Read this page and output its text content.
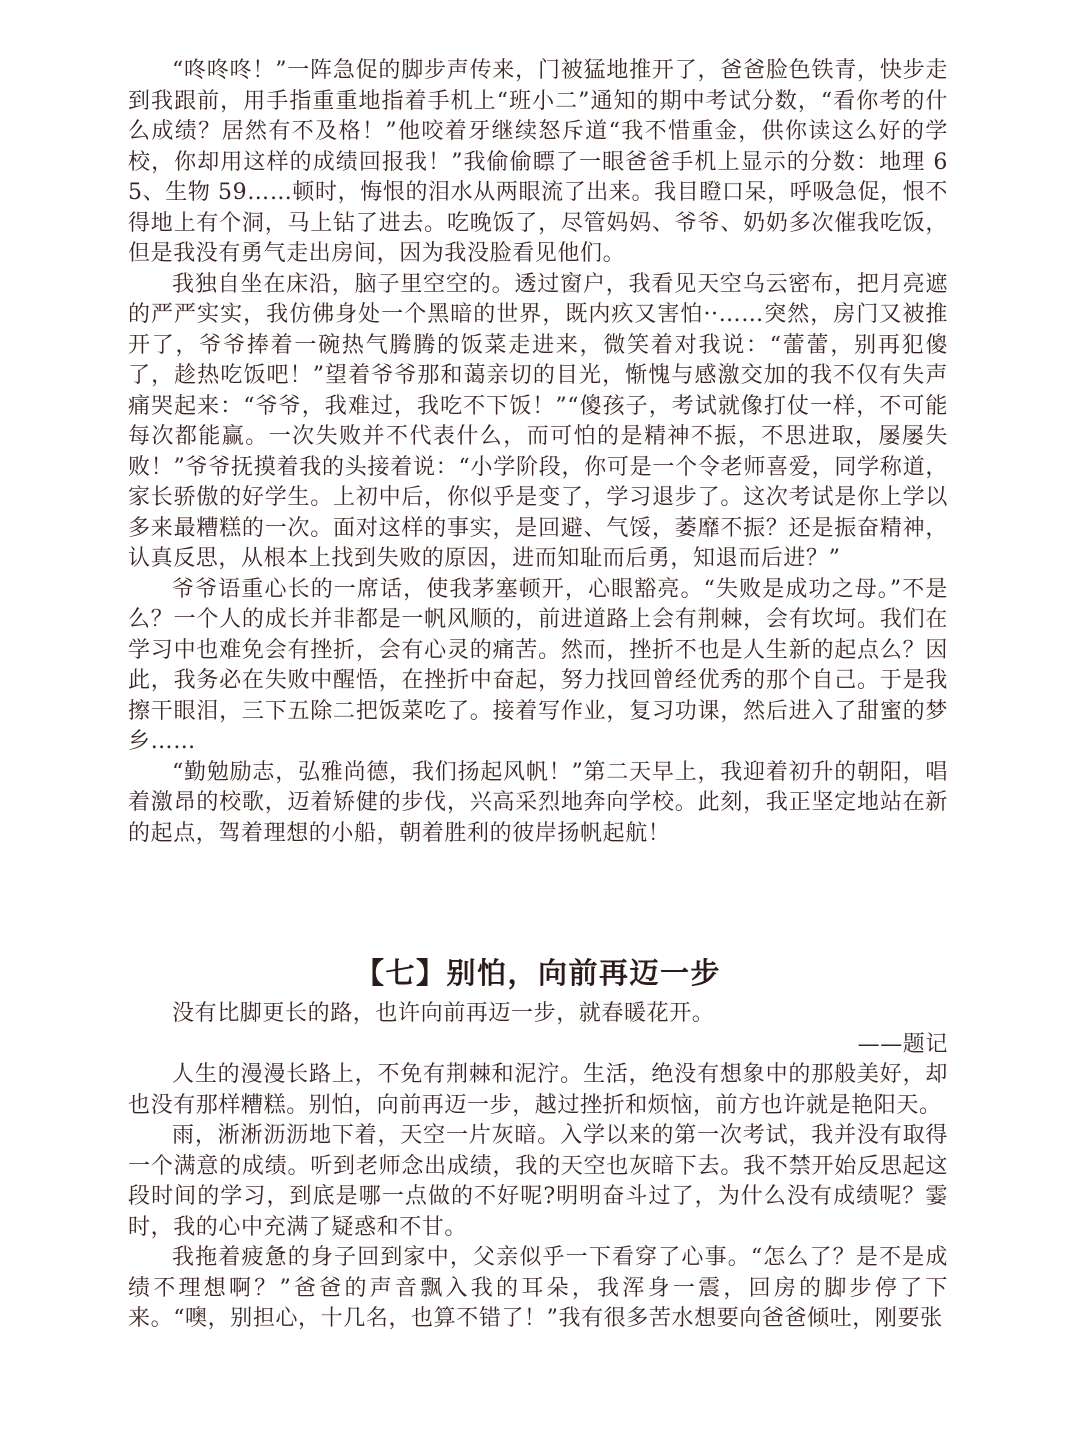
“咚咚咚！”一阵急促的脚步声传来，门被猛地推开了，爸爸脸色铁青，快步走到我跟前，用手指重重地指着手机上“班小二”通知的期中考试分数，“看你考的什么成绩？居然有不及格！”他咬着牙继续怒斥道“我不惜重金，供你读这么好的学校，你却用这样的成绩回报我！”我偷偷瞟了一眼爸爸手机上显示的分数：地理 65、生物 59……顿时，悔恨的泪水从两眼流了出来。我目瞪口呆，呼吸急促，恨不得地上有个洞，马上钻了进去。吃晚饭了，尽管妈妈、爷爷、奶奶多次催我吃饭，但是我没有勇气走出房间，因为我没脸看见他们。

我独自坐在床沿，脑子里空空的。透过窗户，我看见天空乌云密布，把月亮遮的严严实实，我仿佛身处一个黑暗的世界，既内疚又害怕··……突然，房门又被推开了，爷爷捧着一碗热气腾腾的饭菜走进来，微笑着对我说：“蕾蕾，别再犯傻了，趁热吃饭吧！”望着爷爷那和蔼亲切的目光，惭愧与感激交加的我不仅有失声痛哭起来：“爷爷，我难过，我吃不下饭！”“傻孩子，考试就像打仗一样，不可能每次都能赢。一次失败并不代表什么，而可怕的是精神不振，不思进取，屡屡失败！”爷爷抚摸着我的头接着说：“小学阶段，你可是一个令老师喜爱，同学称道，家长骄傲的好学生。上初中后，你似乎是变了，学习退步了。这次考试是你上学以多来最糟糕的一次。面对这样的事实，是回避、气馁，萎靡不振？还是振奋精神，认真反思，从根本上找到失败的原因，进而知耻而后勇，知退而后进？”

爷爷语重心长的一席话，使我茅塞顿开，心眼豁亮。“失败是成功之母。”不是么？一个人的成长并非都是一帆风顺的，前进道路上会有荆棘，会有坎坷。我们在学习中也难免会有挫折，会有心灵的痛苦。然而，挫折不也是人生新的起点么？因此，我务必在失败中醒悟，在挫折中奋起，努力找回曾经优秀的那个自己。于是我擦干眼泪，三下五除二把饭菜吃了。接着写作业，复习功课，然后进入了甜蜜的梦乡……

“勤勉励志，弘雅尚德，我们扬起风帆！”第二天早上，我迎着初升的朝阳，唱着激昂的校歌，迈着矫健的步伐，兴高采烈地奔向学校。此刻，我正坚定地站在新的起点，驾着理想的小船，朝着胜利的彼岸扬帆起航！

【七】别怕，向前再迈一步

没有比脚更长的路，也许向前再迈一步，就春暖花开。

——题记

人生的漫漫长路上，不免有荆棘和泥泞。生活，绝没有想象中的那般美好，却也没有那样糟糕。别怕，向前再迈一步，越过挫折和烦恼，前方也许就是艳阳天。

雨，淅淅沥沥地下着，天空一片灰暗。入学以来的第一次考试，我并没有取得一个满意的成绩。听到老师念出成绩，我的天空也灰暗下去。我不禁开始反思起这段时间的学习，到底是哪一点做的不好呢?明明奋斗过了，为什么没有成绩呢？霎时，我的心中充满了疑惑和不甘。

我拖着疲惫的身子回到家中，父亲似乎一下看穿了心事。“怎么了？是不是成绩不理想啊？”爸爸的声音飘入我的耳朵，我浑身一震，回房的脚步停了下来。“噢，别担心，十几名，也算不错了！”我有很多苦水想要向爸爸倾吐，刚要张
